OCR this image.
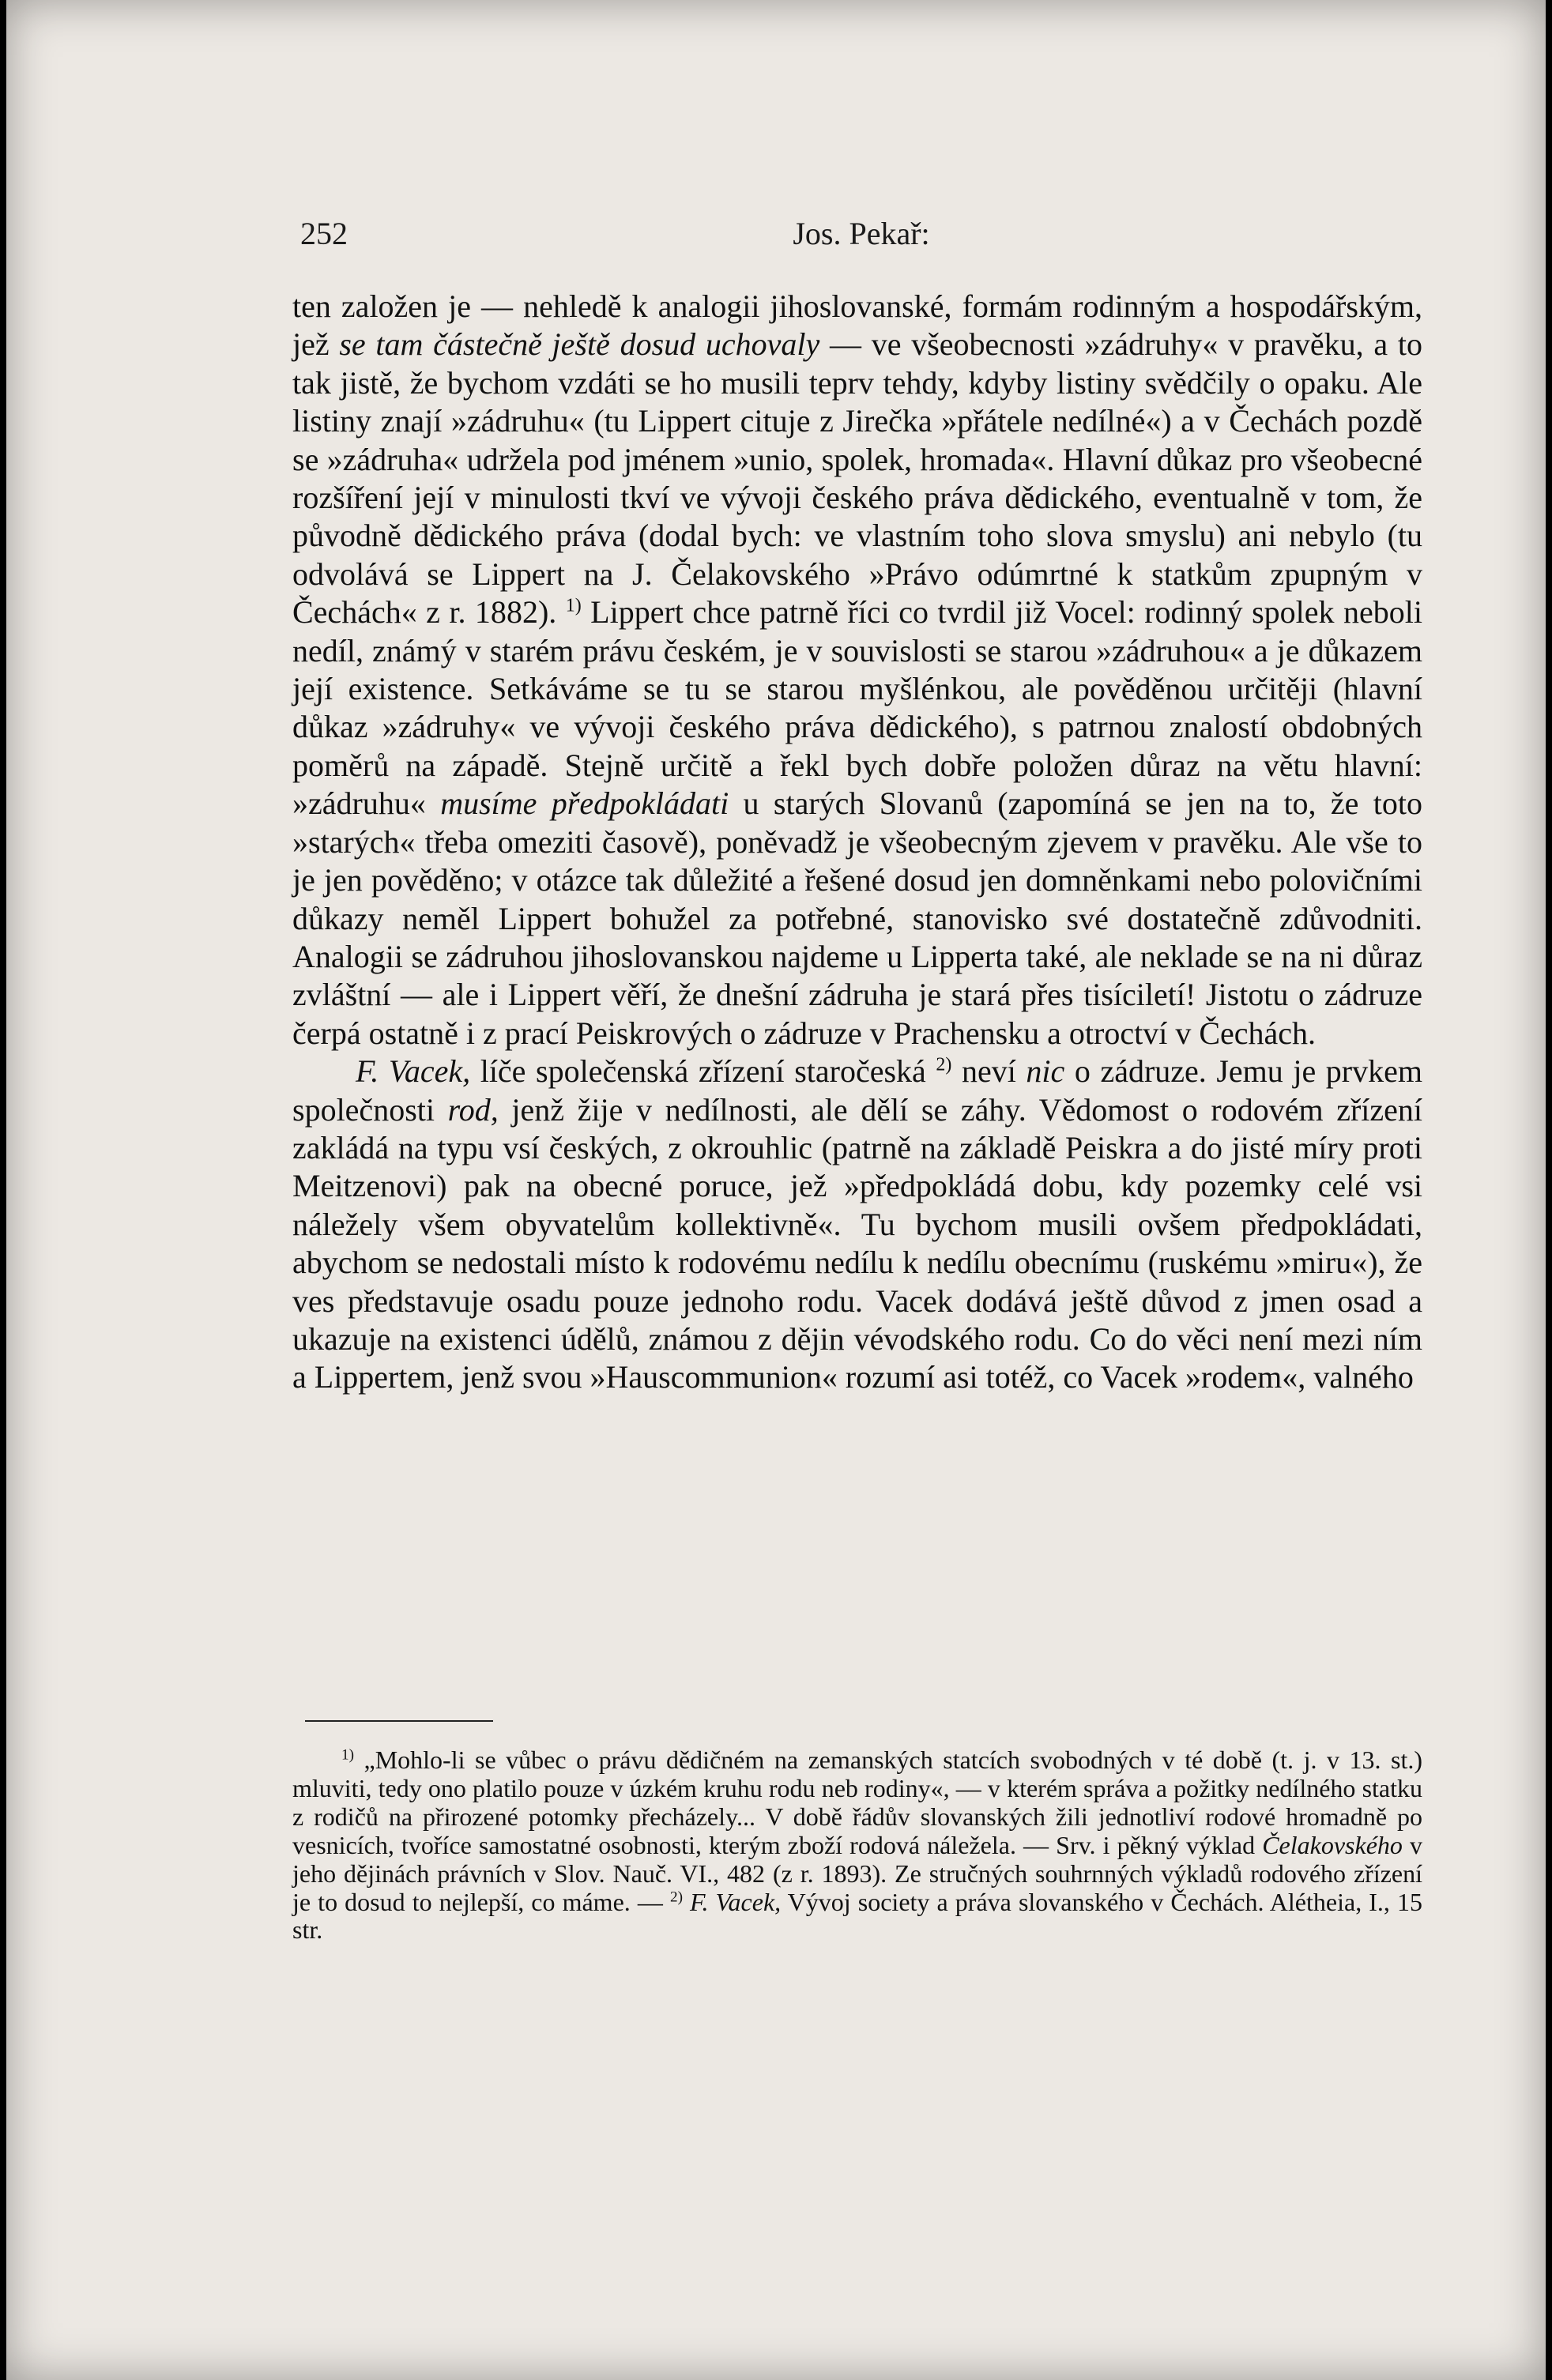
252	Jos. Pekař:

ten založen je — nehledě k analogii jihoslovanské, formám rodinným a hospodářským, jež se tam částečně ještě dosud uchovaly — ve všeobecnosti »zádruhy« v pravěku, a to tak jistě, že bychom vzdáti se ho musili teprv tehdy, kdyby listiny svědčily o opaku. Ale listiny znají »zádruhu« (tu Lippert cituje z Jirečka »přátele nedílné«) a v Čechách pozdě se »zádruha« udržela pod jménem »unio, spolek, hromada«. Hlavní důkaz pro všeobecné rozšíření její v minulosti tkví ve vývoji českého práva dědického, eventualně v tom, že původně dědického práva (dodal bych: ve vlastním toho slova smyslu) ani nebylo (tu odvolává se Lippert na J. Čelakovského »Právo odúmrtné k statkům zpupným v Čechách« z r. 1882). $^{1)}$ Lippert chce patrně říci co tvrdil již Vocel: rodinný spolek neboli nedíl, známý v starém právu českém, je v souvislosti se starou »zádruhou« a je důkazem její existence. Setkáváme se tu se starou myšlénkou, ale pověděnou určitěji (hlavní důkaz »zádruhy« ve vývoji českého práva dědického), s patrnou znalostí obdobných poměrů na západě. Stejně určitě a řekl bych dobře položen důraz na větu hlavní: »zádruhu« musíme předpokládati u starých Slovanů (zapomíná se jen na to, že toto »starých« třeba omeziti časově), poněvadž je všeobecným zjevem v pravěku. Ale vše to je jen pověděno; v otázce tak důležité a řešené dosud jen domněnkami nebo polovičními důkazy neměl Lippert bohužel za potřebné, stanovisko své dostatečně zdůvodniti. Analogii se zádruhou jihoslovanskou najdeme u Lipperta také, ale neklade se na ni důraz zvláštní — ale i Lippert věří, že dnešní zádruha je stará přes tisíciletí! Jistotu o zádruze čerpá ostatně i z prací Peiskrových o zádruze v Prachensku a otroctví v Čechách.

F. Vacek, líče společenská zřízení staročeská $^{2)}$ neví nic o zádruze. Jemu je prvkem společnosti rod, jenž žije v nedílnosti, ale dělí se záhy. Vědomost o rodovém zřízení zakládá na typu vsí českých, z okrouhlic (patrně na základě Peiskra a do jisté míry proti Meitzenovi) pak na obecné poruce, jež »předpokládá dobu, kdy pozemky celé vsi náležely všem obyvatelům kollektivně«. Tu bychom musili ovšem předpokládati, abychom se nedostali místo k rodovému nedílu k nedílu obecnímu (ruskému »miru«), že ves představuje osadu pouze jednoho rodu. Vacek dodává ještě důvod z jmen osad a ukazuje na existenci údělů, známou z dějin vévodského rodu. Co do věci není mezi ním a Lippertem, jenž svou »Hauscommunion« rozumí asi totéž, co Vacek »rodem«, valného

$^{1)}$ „Mohlo-li se vůbec o právu dědičném na zemanských statcích svobodných v té době (t. j. v 13. st.) mluviti, tedy ono platilo pouze v úzkém kruhu rodu neb rodiny«, — v kterém správa a požitky nedílného statku z rodičů na přirozené potomky přecházely... V době řádův slovanských žili jednotliví rodové hromadně po vesnicích, tvoříce samostatné osobnosti, kterým zboží rodová náležela. — Srv. i pěkný výklad Čelakovského v jeho dějinách právních v Slov. Nauč. VI., 482 (z r. 1893). Ze stručných souhrnných výkladů rodového zřízení je to dosud to nejlepší, co máme. — $^{2)}$ F. Vacek, Vývoj society a práva slovanského v Čechách. Alétheia, I., 15 str.
